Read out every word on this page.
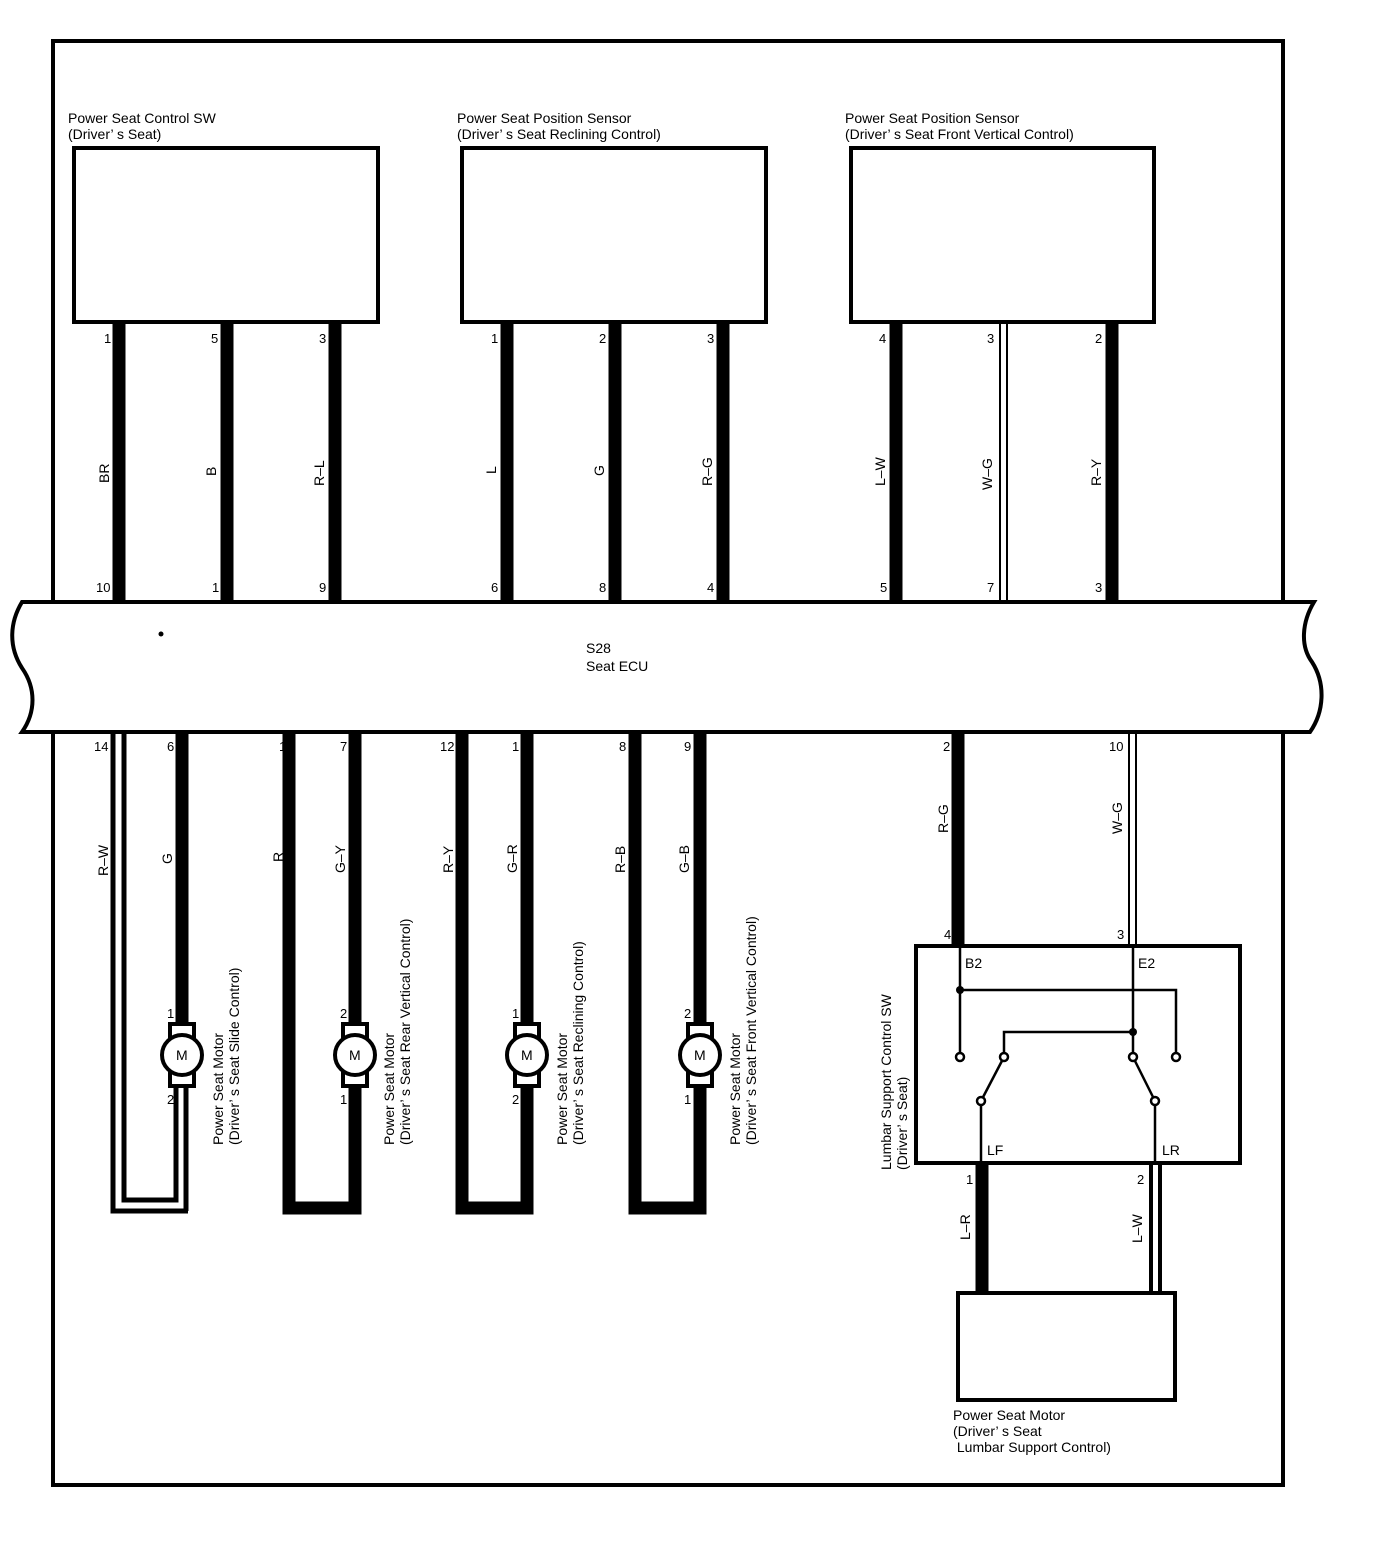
Power Seat Control SW
(Driver’ s Seat)
Power Seat Position Sensor
(Driver’ s Seat Reclining Control)
Power Seat Position Sensor
(Driver’ s Seat Front Vertical Control)
1	5	3	1	2	3	4	3	2
BR	B	R–L	L	G	R–G	L–W	W–G	R–Y
10	1	9	6	8	4	5	7	3
S28
Seat ECU
M	M	M	M
14	6	1	7	12	1	8	9	2	10
R–W	G	R	G–Y	R–Y	G–R	R–B	G–B
R–G	W–G
1
2
2
1
1
2
2
1
Power Seat Motor (Driver’ s Seat Slide Control)	Power Seat Motor (Driver’ s Seat Rear Vertical Control)	Power Seat Motor (Driver’ s Seat Reclining Control)	Power Seat Motor (Driver’ s Seat Front Vertical Control)	4	3
B2	E2
LF	LR
Lumbar Support Control SW (Driver’ s Seat)
1	2
L–R	L–W
Power Seat Motor
(Driver’ s Seat
Lumbar Support Control)
